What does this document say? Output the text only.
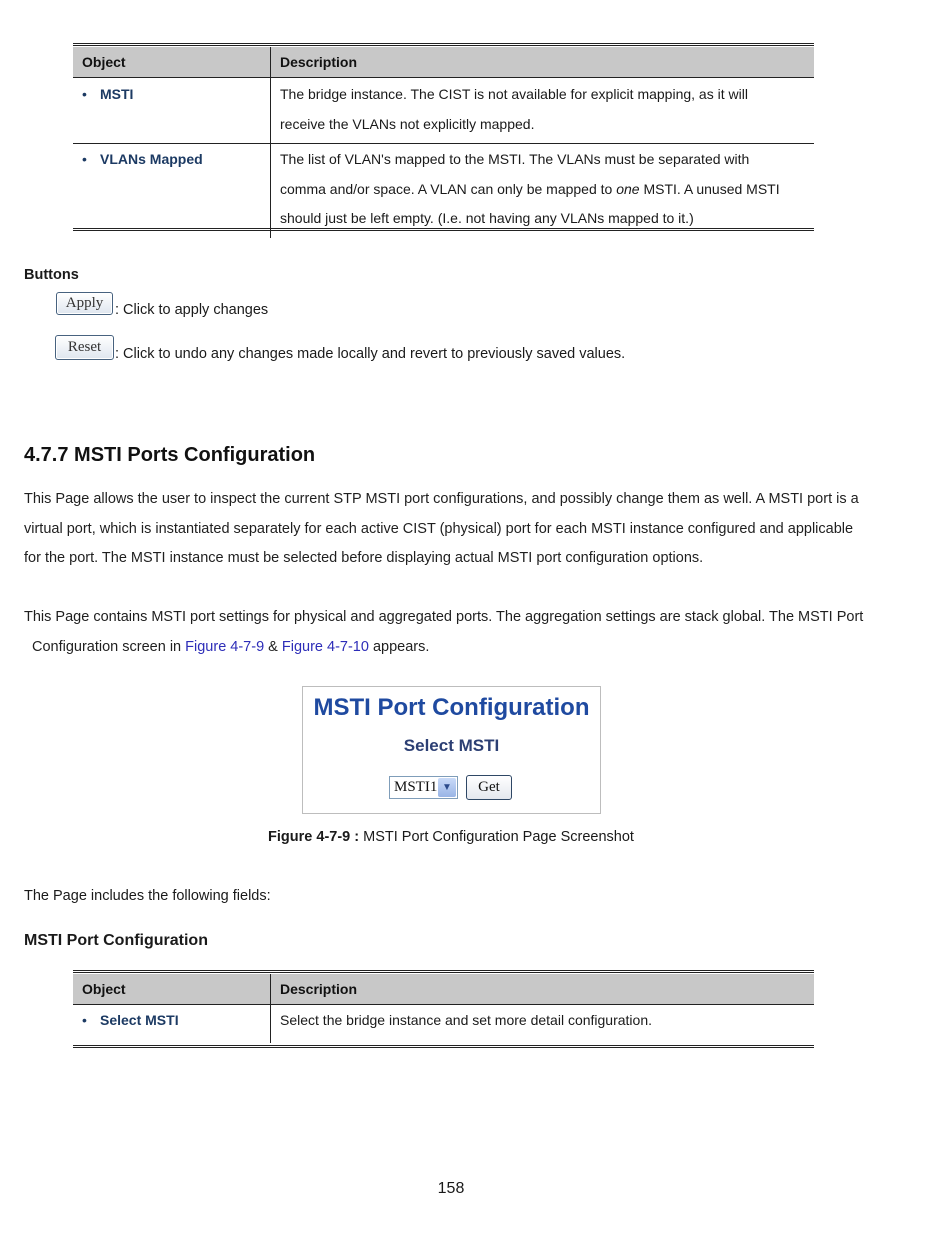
Object	Description
• MSTI	The bridge instance. The CIST is not available for explicit mapping, as it will
receive the VLANs not explicitly mapped.

• VLANs Mapped	The list of VLAN's mapped to the MSTI. The VLANs must be separated with
comma and/or space. A VLAN can only be mapped to one MSTI. A unused MSTI
should just be left empty. (I.e. not having any VLANs mapped to it.)
Buttons
Apply : Click to apply changes
Reset : Click to undo any changes made locally and revert to previously saved values.
4.7.7 MSTI Ports Configuration
This Page allows the user to inspect the current STP MSTI port configurations, and possibly change them as well. A MSTI port is a
virtual port, which is instantiated separately for each active CIST (physical) port for each MSTI instance configured and applicable
for the port. The MSTI instance must be selected before displaying actual MSTI port configuration options.
This Page contains MSTI port settings for physical and aggregated ports. The aggregation settings are stack global. The MSTI Port
Configuration screen in Figure 4-7-9 & Figure 4-7-10 appears.
MSTI Port Configuration
Select MSTI
MSTI1 ▼	Get
Figure 4-7-9 : MSTI Port Configuration Page Screenshot
The Page includes the following fields:
MSTI Port Configuration
Object	Description
• Select MSTI	Select the bridge instance and set more detail configuration.
158
